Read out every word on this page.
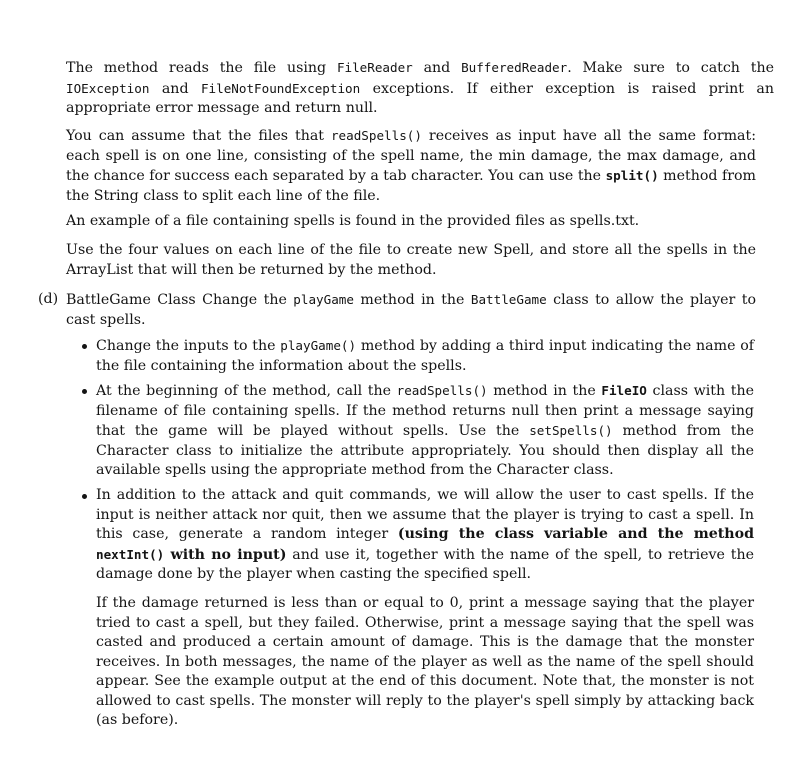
The method reads the file using FileReader and BufferedReader. Make sure to catch the IOException and FileNotFoundException exceptions. If either exception is raised print an appropriate error message and return null.

You can assume that the files that readSpells() receives as input have all the same format: each spell is on one line, consisting of the spell name, the min damage, the max damage, and the chance for success each separated by a tab character. You can use the split() method from the String class to split each line of the file.

An example of a file containing spells is found in the provided files as spells.txt.

Use the four values on each line of the file to create new Spell, and store all the spells in the ArrayList that will then be returned by the method.

(d) BattleGame Class Change the playGame method in the BattleGame class to allow the player to cast spells.

Change the inputs to the playGame() method by adding a third input indicating the name of the file containing the information about the spells.

At the beginning of the method, call the readSpells() method in the FileIO class with the filename of file containing spells. If the method returns null then print a message saying that the game will be played without spells. Use the setSpells() method from the Character class to initialize the attribute appropriately. You should then display all the available spells using the appropriate method from the Character class.

In addition to the attack and quit commands, we will allow the user to cast spells. If the input is neither attack nor quit, then we assume that the player is trying to cast a spell. In this case, generate a random integer (using the class variable and the method nextInt() with no input) and use it, together with the name of the spell, to retrieve the damage done by the player when casting the specified spell.

If the damage returned is less than or equal to 0, print a message saying that the player tried to cast a spell, but they failed. Otherwise, print a message saying that the spell was casted and produced a certain amount of damage. This is the damage that the monster receives. In both messages, the name of the player as well as the name of the spell should appear. See the example output at the end of this document. Note that, the monster is not allowed to cast spells. The monster will reply to the player's spell simply by attacking back (as before).
